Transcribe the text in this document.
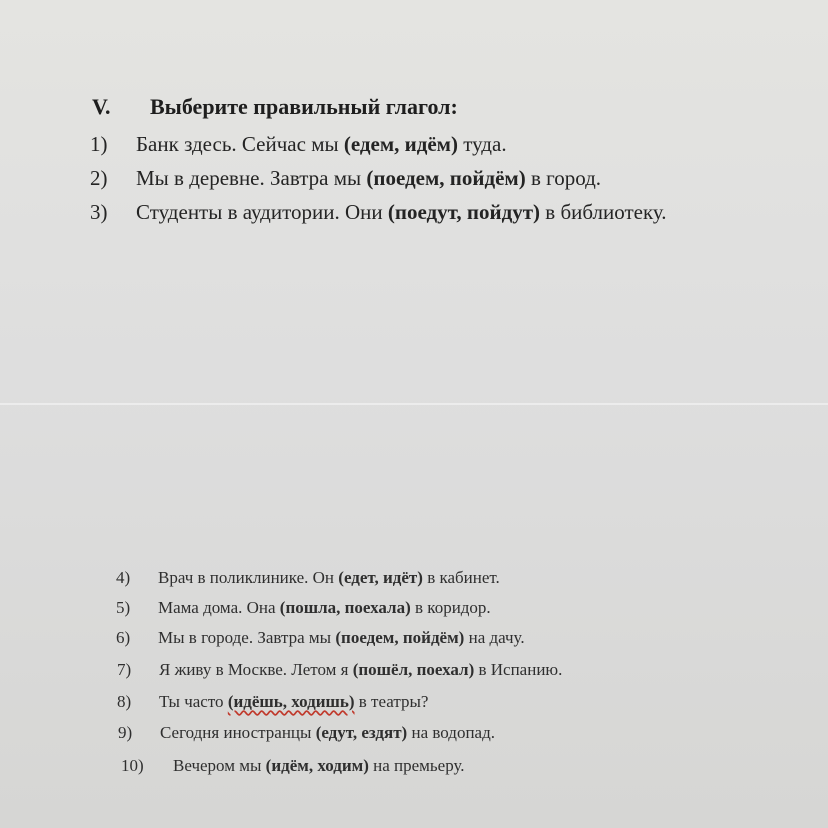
V. Выберите правильный глагол:
1) Банк здесь. Сейчас мы (едем, идём) туда.
2) Мы в деревне. Завтра мы (поедем, пойдём) в город.
3) Студенты в аудитории. Они (поедут, пойдут) в библиотеку.
4) Врач в поликлинике. Он (едет, идёт) в кабинет.
5) Мама дома. Она (пошла, поехала) в коридор.
6) Мы в городе. Завтра мы (поедем, пойдём) на дачу.
7) Я живу в Москве. Летом я (пошёл, поехал) в Испанию.
8) Ты часто (идёшь, ходишь) в театры?
9) Сегодня иностранцы (едут, ездят) на водопад.
10) Вечером мы (идём, ходим) на премьеру.
